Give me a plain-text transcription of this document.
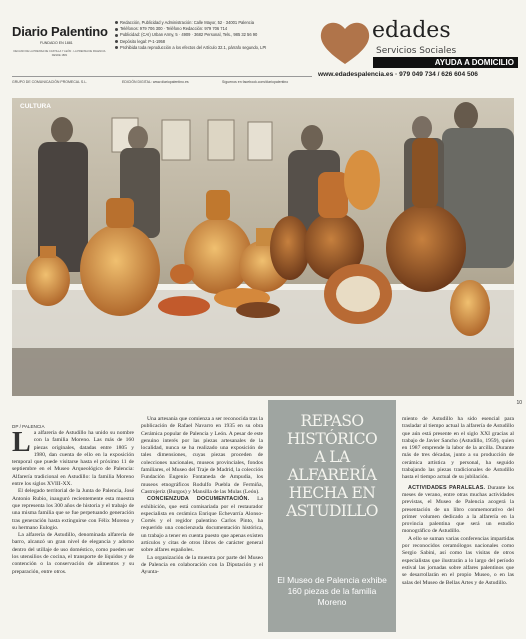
Diario Palentino
FUNDADO EN 1881
DECANO DE LA PRENSA DE CASTILLA Y LEÓN · LA PRENSA DE PALENCIA DESDE 1881
Redacción, Publicidad y Administración: Calle Mayor, 52 · 34001 Palencia
Teléfonos: 979 706 300 · Teléfono Redacción: 979 706 714
Publicidad: (CAI) Urban Army, 5 · 4909 · 3682 Personal, Tels., 985 32 56 90
Depósito legal: P-1-1958
Prohibida toda reproducción a los efectos del Artículo 32.1, párrafo segundo, LPI
GRUPO DE COMUNICACIÓN PROMECAL S.L.	EDICIÓN DIGITAL: www.diariopalentino.es	Síguenos en facebook.com/diariopalentino
edades
Servicios Sociales
AYUDA A DOMICILIO
www.edadespalencia.es · 979 049 734 / 626 604 506
CULTURA
10
DP / PALENCIA

La alfarería de Astudillo ha unido su nombre con la familia Moreno. Las más de 160 piezas originales, datadas entre 1805 y 1980, dan cuenta de ello en la exposición temporal que puede visitarse hasta el próximo 11 de septiembre en el Museo Arqueológico de Palencia: Alfarería tradicional en Astudillo: la familia Moreno entre los siglos XVIII-XX.

El delegado territorial de la Junta de Palencia, José Antonio Rubio, inauguró recientemente esta muestra que representa los 300 años de historia y el trabajo de una misma familia que se fue perpetuando generación tras generación hasta extinguirse con Félix Moreno y su hermano Eulogio.

La alfarería de Astudillo, denominada alfarería de barro, alcanzó un gran nivel de elegancia y adorno dentro del utillaje de uso doméstico, como pueden ser los utensilios de cocina, el transporte de líquidos y de contención o la conservación de alimentos y su preparación, entre otros.

Una artesanía que comienza a ser reconocida tras la publicación de Rafael Navarro en 1935 en su obra Cerámica popular de Palencia y León. A pesar de este genuino interés por las piezas artesanales de la localidad, nunca se ha realizado una exposición de tales dimensiones, cuyas piezas proceden de colecciones nacionales, museos provinciales, fondos familiares, el Museo del Traje de Madrid, la colección Fundación Eugenio Fontaneda de Ampudia, los museos etnográficos Rodulfo Puebla de Fermiña, Castrojeriz (Burgos) y Mansilla de las Mulas (León).

CONCIENZUDA DOCUMENTACIÓN. La exhibición, que está comisariada por el restaurador especialista en cerámica Enrique Echevarría Alonso-Cortés y el regidor palentino Carlos Pinto, ha requerido una concienzuda documentación histórica, un trabajo a tener en cuenta puesto que apenas existen artículos y citas de otros libros de carácter general sobre alfares españoles.

La organización de la muestra por parte del Museo de Palencia en colaboración con la Diputación y el Ayunta-

REPASO
HISTÓRICO
A LA
ALFARERÍA
HECHA EN
ASTUDILLO
El Museo de Palencia exhibe 160 piezas de la familia Moreno

miento de Astudillo ha sido esencial para trasladar al tiempo actual la alfarería de Astudillo que aún está presente en el siglo XXI gracias al trabajo de Javier Sancho (Astudillo, 1959), quien en 1987 emprende la labor de la arcilla. Durante más de tres décadas, junto a su producción de cerámica artística y personal, ha seguido trabajando las piezas tradicionales de Astudillo hasta el tiempo actual de su jubilación.

ACTIVIDADES PARALELAS. Durante los meses de verano, entre otras muchas actividades previstas, el Museo de Palencia acogerá la presentación de un libro conmemorativo del primer volumen dedicado a la alfarería en la provincia palentina que será un estudio monográfico de Astudillo.

A ello se suman varias conferencias impartidas por reconocidos ceramólogos nacionales como Sergio Sabini, así como las visitas de otros especialistas que ilustrarán a lo largo del período estival las jornadas sobre alfares palentinos que se desarrollarán en el propio Museo, o en las salas del Museo de Bellas Artes y de Astudillo.
